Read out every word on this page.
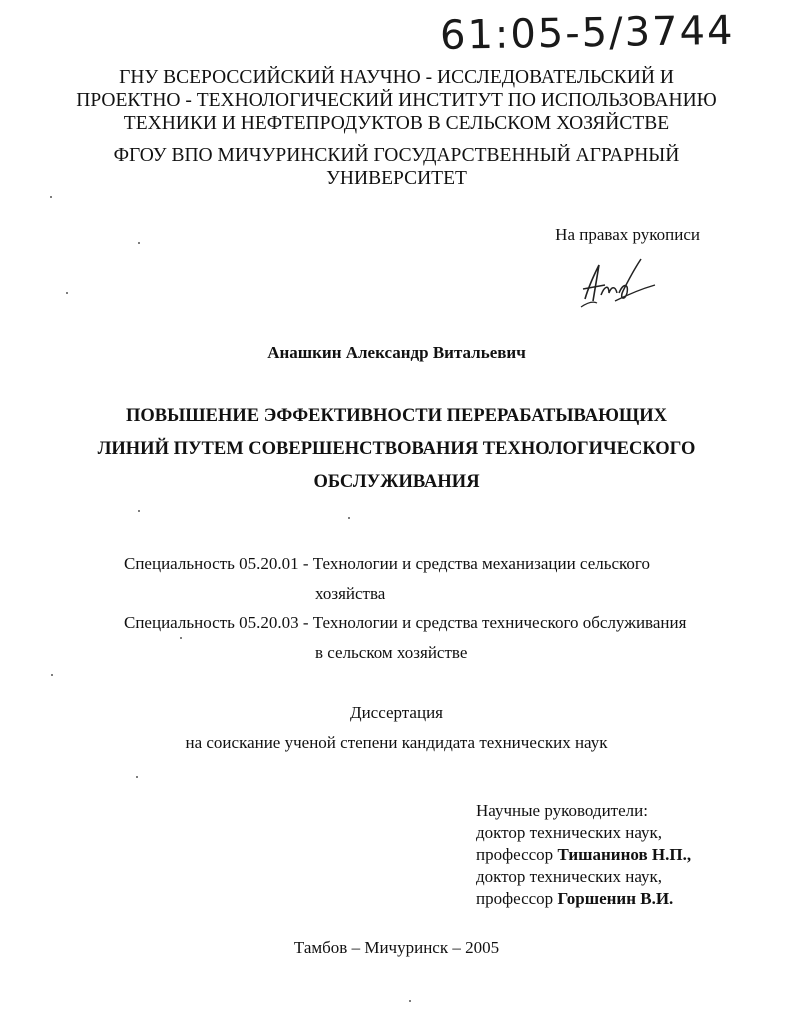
61:05-5/3744
ГНУ ВСЕРОССИЙСКИЙ НАУЧНО - ИССЛЕДОВАТЕЛЬСКИЙ И
ПРОЕКТНО - ТЕХНОЛОГИЧЕСКИЙ ИНСТИТУТ ПО ИСПОЛЬЗОВАНИЮ
ТЕХНИКИ И НЕФТЕПРОДУКТОВ В СЕЛЬСКОМ ХОЗЯЙСТВЕ
ФГОУ ВПО МИЧУРИНСКИЙ ГОСУДАРСТВЕННЫЙ АГРАРНЫЙ
УНИВЕРСИТЕТ
На правах рукописи
Анашкин Александр Витальевич
ПОВЫШЕНИЕ ЭФФЕКТИВНОСТИ ПЕРЕРАБАТЫВАЮЩИХ
ЛИНИЙ ПУТЕМ СОВЕРШЕНСТВОВАНИЯ ТЕХНОЛОГИЧЕСКОГО
ОБСЛУЖИВАНИЯ
Специальность 05.20.01 - Технологии и средства механизации сельского
хозяйства
Специальность 05.20.03 - Технологии и средства технического обслуживания
в сельском хозяйстве
Диссертация
на соискание ученой степени кандидата технических наук
Научные руководители:
доктор технических наук,
профессор Тишанинов Н.П.,
доктор технических наук,
профессор Горшенин В.И.
Тамбов – Мичуринск – 2005
